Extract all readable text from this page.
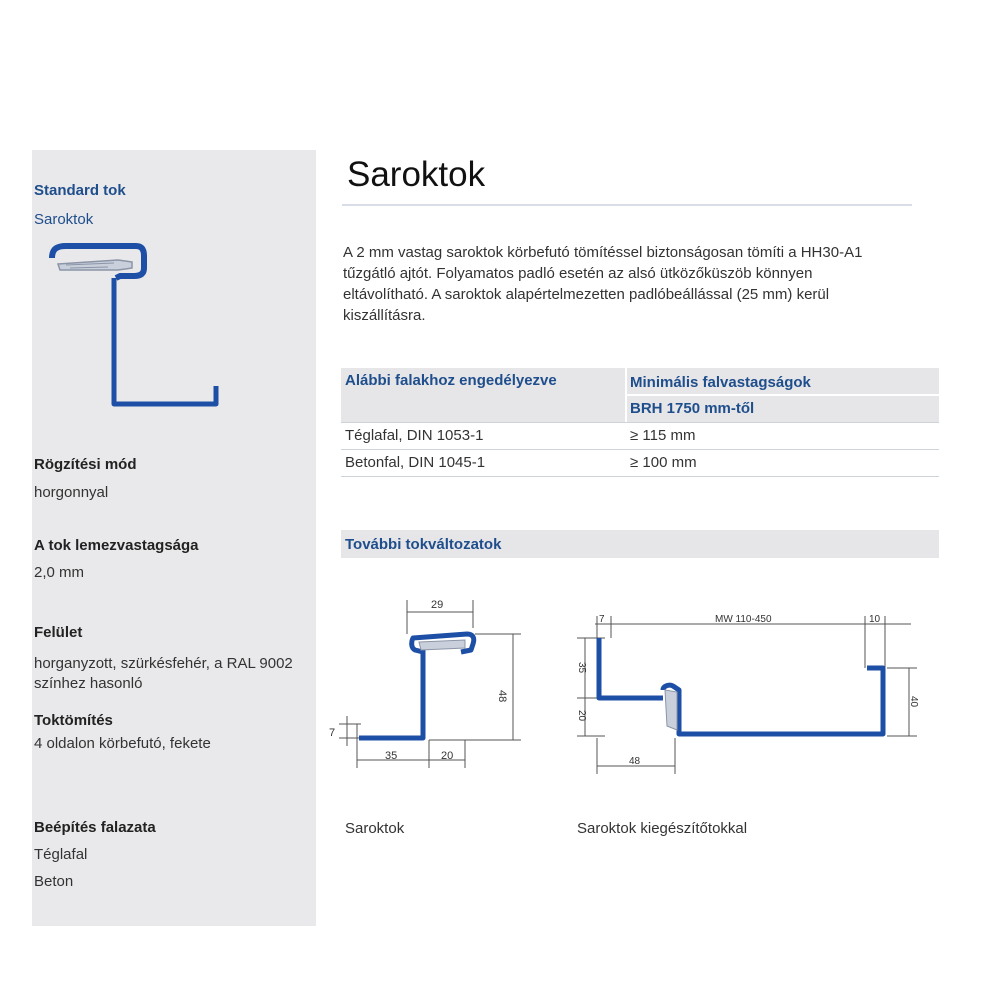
Standard tok
Saroktok
Rögzítési mód
horgonnyal
A tok lemezvastagsága
2,0 mm
Felület
horganyzott, szürkésfehér, a RAL 9002
színhez hasonló
Toktömítés
4 oldalon körbefutó, fekete
Beépítés falazata
Téglafal
Beton
Saroktok
A 2 mm vastag saroktok körbefutó tömítéssel biztonságosan tömíti a HH30-A1
tűzgátló ajtót. Folyamatos padló esetén az alsó ütközőküszöb könnyen
eltávolítható. A saroktok alapértelmezetten padlóbeállással (25 mm) kerül
kiszállításra.
Alábbi falakhoz engedélyezve	Minimális falvastagságok
BRH 1750 mm-től
Téglafal, DIN 1053-1	≥ 115 mm
Betonfal, DIN 1045-1	≥ 100 mm
További tokváltozatok
29
48
7
35	20
7	MW 110-450	10
35
20
40
48
Saroktok	Saroktok kiegészítőtokkal
